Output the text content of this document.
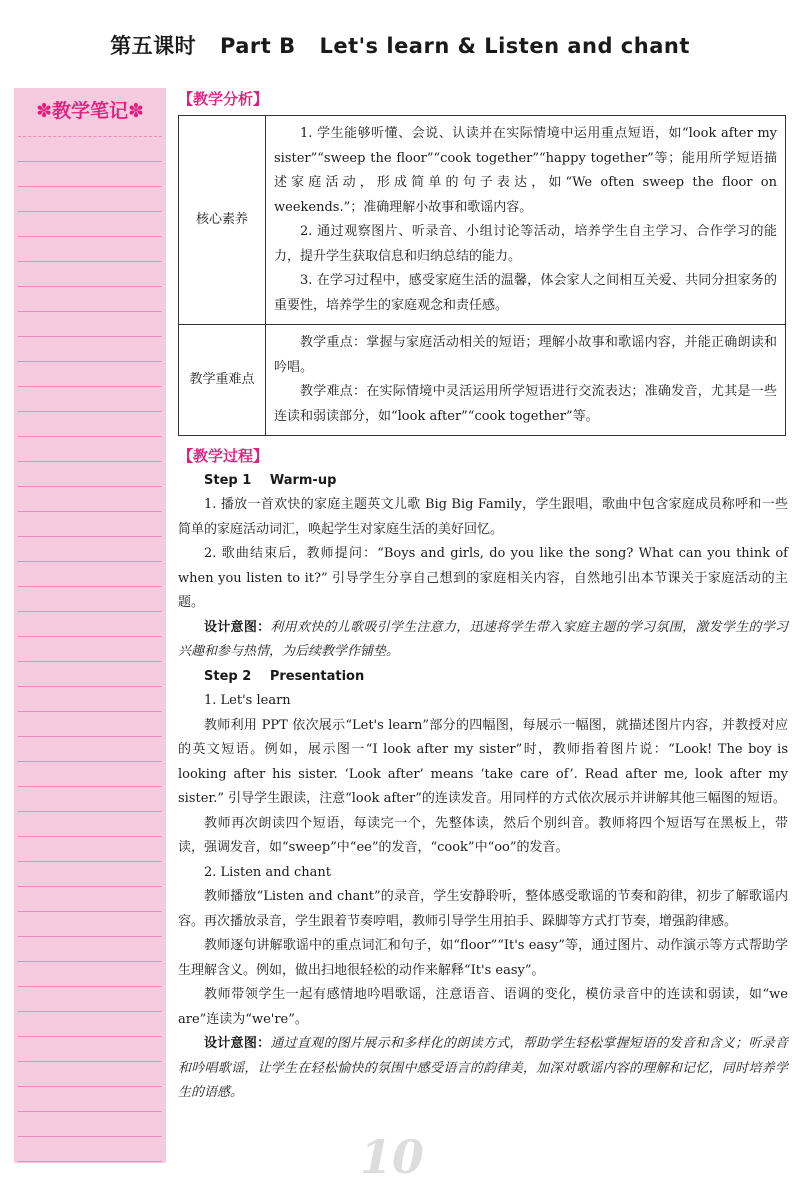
第五课时 Part B Let's learn & Listen and chant
✽教学笔记✽
【教学分析】
核心素养	1. 学生能够听懂、会说、认读并在实际情境中运用重点短语，如“look after my sister”“sweep the floor”“cook together”“happy together”等；能用所学短语描述家庭活动，形成简单的句子表达，如“We often sweep the floor on weekends.”；准确理解小故事和歌谣内容。

2. 通过观察图片、听录音、小组讨论等活动，培养学生自主学习、合作学习的能力，提升学生获取信息和归纳总结的能力。

3. 在学习过程中，感受家庭生活的温馨，体会家人之间相互关爱、共同分担家务的重要性，培养学生的家庭观念和责任感。

教学重难点	教学重点：掌握与家庭活动相关的短语；理解小故事和歌谣内容，并能正确朗读和吟唱。

教学难点：在实际情境中灵活运用所学短语进行交流表达；准确发音，尤其是一些连读和弱读部分，如“look after”“cook together”等。

【教学过程】

Step 1 Warm-up

1. 播放一首欢快的家庭主题英文儿歌 Big Big Family，学生跟唱，歌曲中包含家庭成员称呼和一些简单的家庭活动词汇，唤起学生对家庭生活的美好回忆。

2. 歌曲结束后，教师提问：“Boys and girls, do you like the song? What can you think of when you listen to it?” 引导学生分享自己想到的家庭相关内容，自然地引出本节课关于家庭活动的主题。

设计意图：利用欢快的儿歌吸引学生注意力，迅速将学生带入家庭主题的学习氛围，激发学生的学习兴趣和参与热情，为后续教学作铺垫。

Step 2 Presentation

1. Let's learn

教师利用 PPT 依次展示“Let's learn”部分的四幅图，每展示一幅图，就描述图片内容，并教授对应的英文短语。例如，展示图一“I look after my sister”时，教师指着图片说：“Look! The boy is looking after his sister. ‘Look after’ means ‘take care of’. Read after me, look after my sister.” 引导学生跟读，注意“look after”的连读发音。用同样的方式依次展示并讲解其他三幅图的短语。

教师再次朗读四个短语，每读完一个，先整体读，然后个别纠音。教师将四个短语写在黑板上，带读，强调发音，如“sweep”中“ee”的发音，“cook”中“oo”的发音。

2. Listen and chant

教师播放“Listen and chant”的录音，学生安静聆听，整体感受歌谣的节奏和韵律，初步了解歌谣内容。再次播放录音，学生跟着节奏哼唱，教师引导学生用拍手、跺脚等方式打节奏，增强韵律感。

教师逐句讲解歌谣中的重点词汇和句子，如“floor”“It's easy”等，通过图片、动作演示等方式帮助学生理解含义。例如，做出扫地很轻松的动作来解释“It's easy”。

教师带领学生一起有感情地吟唱歌谣，注意语音、语调的变化，模仿录音中的连读和弱读，如“we are”连读为“we're”。

设计意图：通过直观的图片展示和多样化的朗读方式，帮助学生轻松掌握短语的发音和含义；听录音和吟唱歌谣，让学生在轻松愉快的氛围中感受语言的韵律美，加深对歌谣内容的理解和记忆，同时培养学生的语感。

10
